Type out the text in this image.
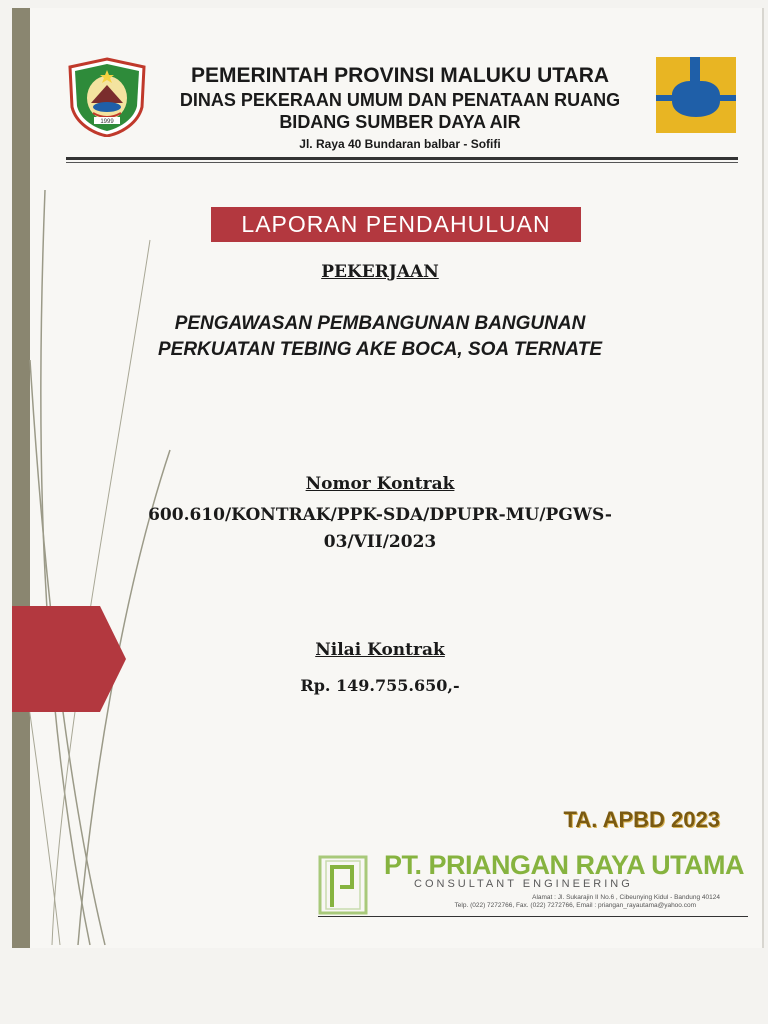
1999
PEMERINTAH PROVINSI MALUKU UTARA
DINAS PEKERAAN UMUM DAN PENATAAN RUANG
BIDANG SUMBER DAYA AIR
Jl. Raya 40 Bundaran balbar - Sofifi
LAPORAN PENDAHULUAN
PEKERJAAN
PENGAWASAN PEMBANGUNAN BANGUNAN
PERKUATAN TEBING AKE BOCA, SOA TERNATE
Nomor Kontrak
600.610/KONTRAK/PPK-SDA/DPUPR-MU/PGWS-
03/VII/2023
Nilai Kontrak
Rp. 149.755.650,-
TA. APBD 2023
PT. PRIANGAN RAYA UTAMA
CONSULTANT ENGINEERING
Alamat : Jl. Sukarajin II No.6 , Cibeunying Kidul - Bandung 40124
Telp. (022) 7272766, Fax. (022) 7272766, Email : priangan_rayautama@yahoo.com
